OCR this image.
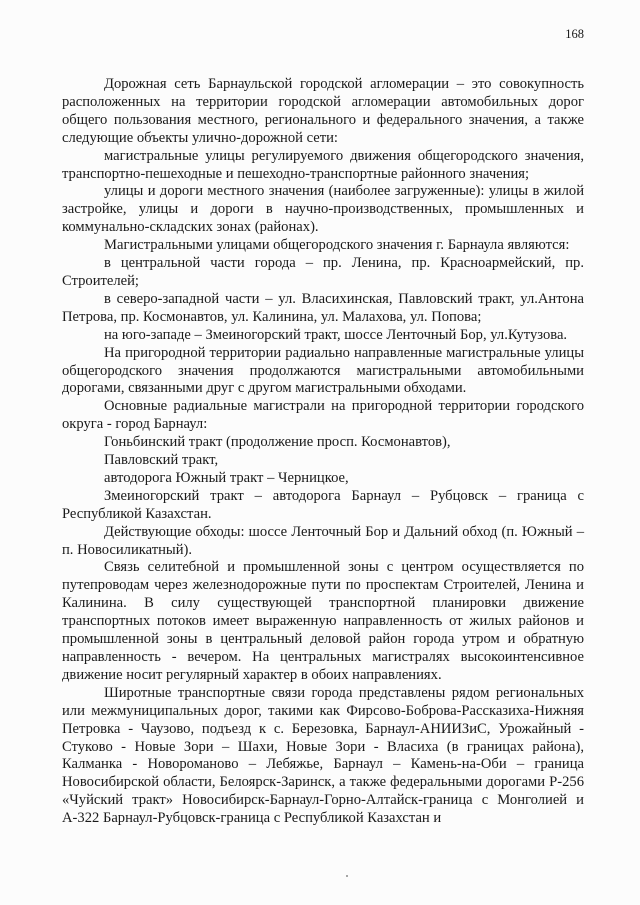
168

Дорожная сеть Барнаульской городской агломерации – это совокупность расположенных на территории городской агломерации автомобильных дорог общего пользования местного, регионального и федерального значения, а также следующие объекты улично-дорожной сети:

магистральные улицы регулируемого движения общегородского значения, транспортно-пешеходные и пешеходно-транспортные районного значения;

улицы и дороги местного значения (наиболее загруженные): улицы в жилой застройке, улицы и дороги в научно-производственных, промышленных и коммунально-складских зонах (районах).

Магистральными улицами общегородского значения г. Барнаула являются:

в центральной части города – пр. Ленина, пр. Красноармейский, пр. Строителей;

в северо-западной части – ул. Власихинская, Павловский тракт, ул.Антона Петрова, пр. Космонавтов, ул. Калинина, ул. Малахова, ул. Попова;

на юго-западе – Змеиногорский тракт, шоссе Ленточный Бор, ул.Кутузова.

На пригородной территории радиально направленные магистральные улицы общегородского значения продолжаются магистральными автомобильными дорогами, связанными друг с другом магистральными обходами.

Основные радиальные магистрали на пригородной территории городского округа - город Барнаул:

Гоньбинский тракт (продолжение просп. Космонавтов),

Павловский тракт,

автодорога Южный тракт – Черницкое,

Змеиногорский тракт – автодорога Барнаул – Рубцовск – граница с Республикой Казахстан.

Действующие обходы: шоссе Ленточный Бор и Дальний обход (п. Южный – п. Новосиликатный).

Связь селитебной и промышленной зоны с центром осуществляется по путепроводам через железнодорожные пути по проспектам Строителей, Ленина и Калинина. В силу существующей транспортной планировки движение транспортных потоков имеет выраженную направленность от жилых районов и промышленной зоны в центральный деловой район города утром и обратную направленность - вечером. На центральных магистралях высокоинтенсивное движение носит регулярный характер в обоих направлениях.

Широтные транспортные связи города представлены рядом региональных или межмуниципальных дорог, такими как Фирсово-Боброва-Рассказиха-Нижняя Петровка - Чаузово, подъезд к с. Березовка, Барнаул-АНИИЗиС, Урожайный - Стуково - Новые Зори – Шахи, Новые Зори - Власиха (в границах района), Калманка - Новороманово – Лебяжье, Барнаул – Камень-на-Оби – граница Новосибирской области, Белоярск-Заринск, а также федеральными дорогами Р-256 «Чуйский тракт» Новосибирск-Барнаул-Горно-Алтайск-граница с Монголией и А-322 Барнаул-Рубцовск-граница с Республикой Казахстан и
